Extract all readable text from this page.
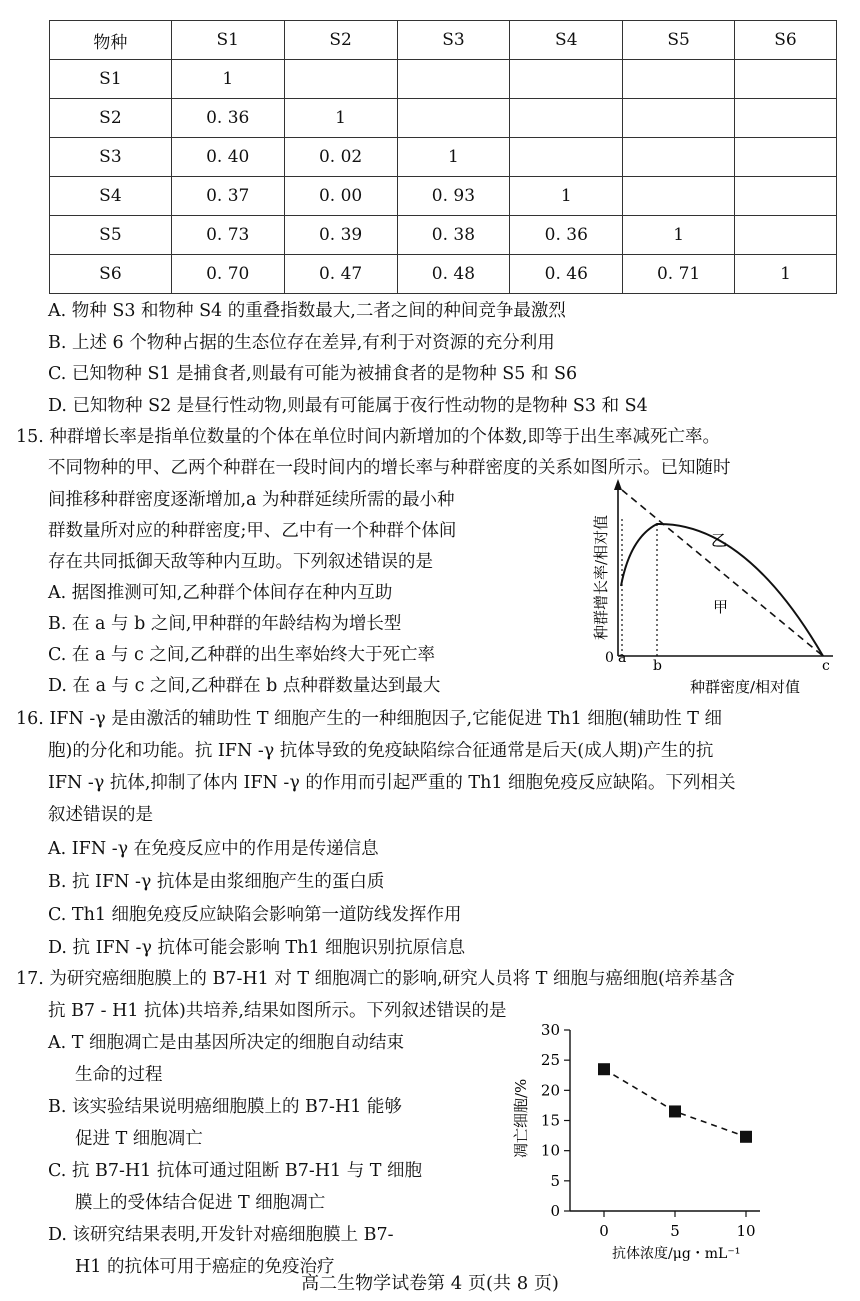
物种	S1	S2	S3	S4	S5	S6
S1	1					
S2	0. 36	1				
S3	0. 40	0. 02	1			
S4	0. 37	0. 00	0. 93	1		
S5	0. 73	0. 39	0. 38	0. 36	1	
S6	0. 70	0. 47	0. 48	0. 46	0. 71	1
A. 物种 S3 和物种 S4 的重叠指数最大,二者之间的种间竞争最激烈
B. 上述 6 个物种占据的生态位存在差异,有利于对资源的充分利用
C. 已知物种 S1 是捕食者,则最有可能为被捕食者的是物种 S5 和 S6
D. 已知物种 S2 是昼行性动物,则最有可能属于夜行性动物的是物种 S3 和 S4
15. 种群增长率是指单位数量的个体在单位时间内新增加的个体数,即等于出生率减死亡率。
不同物种的甲、乙两个种群在一段时间内的增长率与种群密度的关系如图所示。已知随时
间推移种群密度逐渐增加,a 为种群延续所需的最小种
群数量所对应的种群密度;甲、乙中有一个种群个体间
存在共同抵御天敌等种内互助。下列叙述错误的是
A. 据图推测可知,乙种群个体间存在种内互助
B. 在 a 与 b 之间,甲种群的年龄结构为增长型
C. 在 a 与 c 之间,乙种群的出生率始终大于死亡率
D. 在 a 与 c 之间,乙种群在 b 点种群数量达到最大
0 a b	c
乙
甲
种群密度/相对值
种群增长率/相对值
16. IFN -γ 是由激活的辅助性 T 细胞产生的一种细胞因子,它能促进 Th1 细胞(辅助性 T 细
胞)的分化和功能。抗 IFN -γ 抗体导致的免疫缺陷综合征通常是后天(成人期)产生的抗
IFN -γ 抗体,抑制了体内 IFN -γ 的作用而引起严重的 Th1 细胞免疫反应缺陷。下列相关
叙述错误的是
A. IFN -γ 在免疫反应中的作用是传递信息
B. 抗 IFN -γ 抗体是由浆细胞产生的蛋白质
C. Th1 细胞免疫反应缺陷会影响第一道防线发挥作用
D. 抗 IFN -γ 抗体可能会影响 Th1 细胞识别抗原信息
17. 为研究癌细胞膜上的 B7-H1 对 T 细胞凋亡的影响,研究人员将 T 细胞与癌细胞(培养基含
抗 B7 - H1 抗体)共培养,结果如图所示。下列叙述错误的是
A. T 细胞凋亡是由基因所决定的细胞自动结束
生命的过程
B. 该实验结果说明癌细胞膜上的 B7-H1 能够
促进 T 细胞凋亡
C. 抗 B7-H1 抗体可通过阻断 B7-H1 与 T 细胞
膜上的受体结合促进 T 细胞凋亡
D. 该研究结果表明,开发针对癌细胞膜上 B7-
H1 的抗体可用于癌症的免疫治疗
凋亡细胞/%
抗体浓度/μg・mL⁻¹
0
5
10
15
20
25
30
0	5	10
高二生物学试卷第 4 页(共 8 页)
